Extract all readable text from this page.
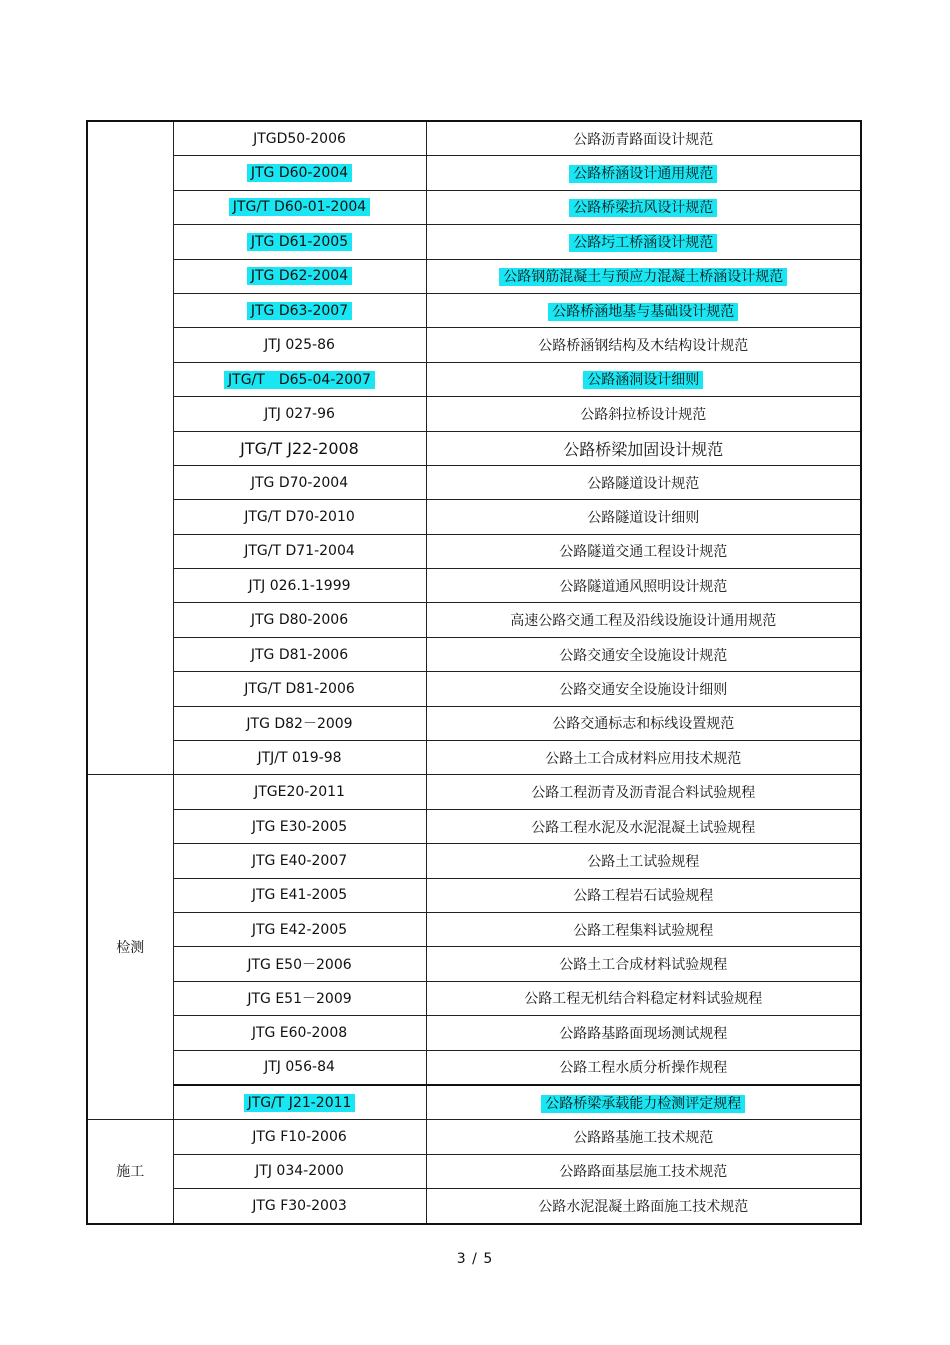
	JTGD50-2006	公路沥青路面设计规范
	JTG D60-2004	公路桥涵设计通用规范
	JTG/T D60-01-2004	公路桥梁抗风设计规范
	JTG D61-2005	公路圬工桥涵设计规范
	JTG D62-2004	公路钢筋混凝土与预应力混凝土桥涵设计规范
	JTG D63-2007	公路桥涵地基与基础设计规范
	JTJ 025-86	公路桥涵钢结构及木结构设计规范
	JTG/T　D65-04-2007	公路涵洞设计细则
	JTJ 027-96	公路斜拉桥设计规范
	JTG/T J22-2008	公路桥梁加固设计规范
	JTG D70-2004	公路隧道设计规范
	JTG/T D70-2010	公路隧道设计细则
	JTG/T D71-2004	公路隧道交通工程设计规范
	JTJ 026.1-1999	公路隧道通风照明设计规范
	JTG D80-2006	高速公路交通工程及沿线设施设计通用规范
	JTG D81-2006	公路交通安全设施设计规范
	JTG/T D81-2006	公路交通安全设施设计细则
	JTG D82－2009	公路交通标志和标线设置规范
	JTJ/T 019-98	公路土工合成材料应用技术规范
检测	JTGE20-2011	公路工程沥青及沥青混合料试验规程
	JTG E30-2005	公路工程水泥及水泥混凝土试验规程
	JTG E40-2007	公路土工试验规程
	JTG E41-2005	公路工程岩石试验规程
	JTG E42-2005	公路工程集料试验规程
	JTG E50－2006	公路土工合成材料试验规程
	JTG E51－2009	公路工程无机结合料稳定材料试验规程
	JTG E60-2008	公路路基路面现场测试规程
	JTJ 056-84	公路工程水质分析操作规程
	JTG/T J21-2011	公路桥梁承载能力检测评定规程
施工	JTG F10-2006	公路路基施工技术规范
	JTJ 034-2000	公路路面基层施工技术规范
	JTG F30-2003	公路水泥混凝土路面施工技术规范
3 / 5
